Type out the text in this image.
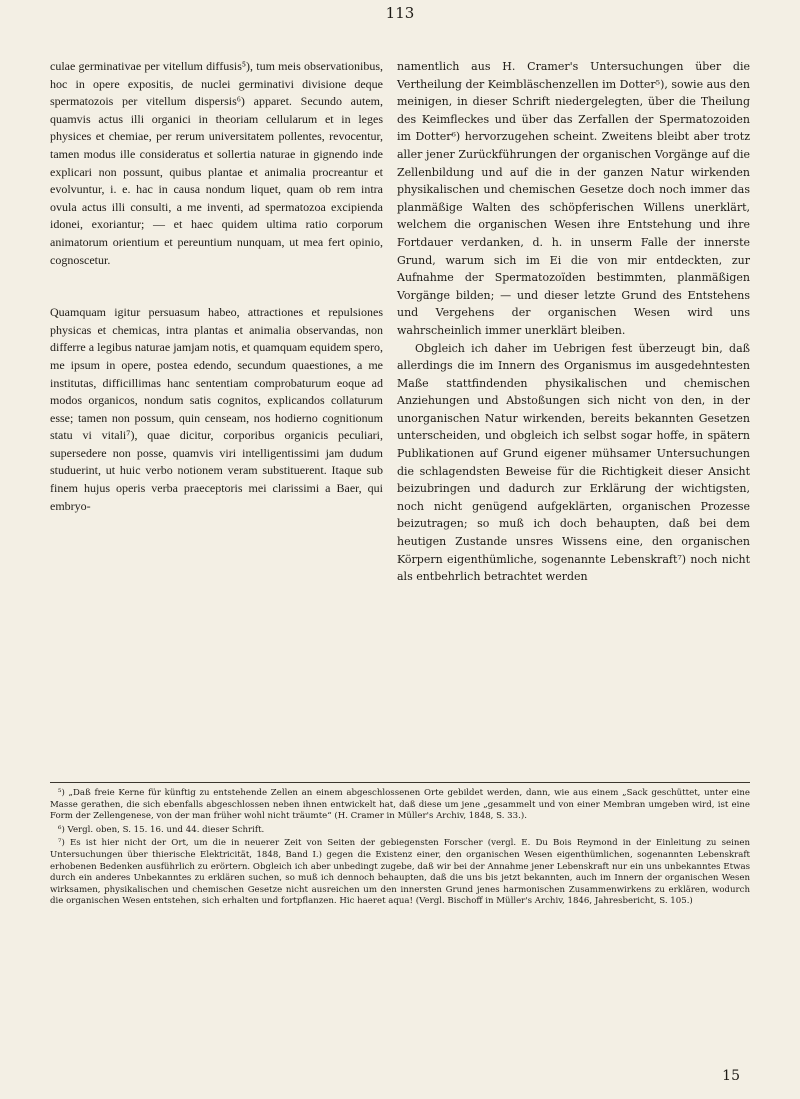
113

culae germinativae per vitellum diffusis⁵), tum meis observationibus, hoc in opere expositis, de nuclei germinativi divisione deque spermatozois per vitellum dispersis⁶) apparet. Secundo autem, quamvis actus illi organici in theoriam cellularum et in leges physices et chemiae, per rerum universitatem pollentes, revocentur, tamen modus ille consideratus et sollertia naturae in gignendo inde explicari non possunt, quibus plantae et animalia procreantur et evolvuntur, i. e. hac in causa nondum liquet, quam ob rem intra ovula actus illi consulti, a me inventi, ad spermatozoa excipienda idonei, exoriantur; — et haec quidem ultima ratio corporum animatorum orientium et pereuntium nunquam, ut mea fert opinio, cognoscetur.

Quamquam igitur persuasum habeo, attractiones et repulsiones physicas et chemicas, intra plantas et animalia observandas, non differre a legibus naturae jamjam notis, et quamquam equidem spero, me ipsum in opere, postea edendo, secundum quaestiones, a me institutas, difficillimas hanc sententiam comprobaturum eoque ad modos organicos, nondum satis cognitos, explicandos collaturum esse; tamen non possum, quin censeam, nos hodierno cognitionum statu vi vitali⁷), quae dicitur, corporibus organicis peculiari, supersedere non posse, quamvis viri intelligentissimi jam dudum studuerint, ut huic verbo notionem veram substituerent. Itaque sub finem hujus operis verba praeceptoris mei clarissimi a Baer, qui embryo-

namentlich aus H. Cramer's Untersuchungen über die Vertheilung der Keimbläschenzellen im Dotter⁵), sowie aus den meinigen, in dieser Schrift niedergelegten, über die Theilung des Keimfleckes und über das Zerfallen der Spermatozoiden im Dotter⁶) hervorzugehen scheint. Zweitens bleibt aber trotz aller jener Zurückführungen der organischen Vorgänge auf die Zellenbildung und auf die in der ganzen Natur wirkenden physikalischen und chemischen Gesetze doch noch immer das planmäßige Walten des schöpferischen Willens unerklärt, welchem die organischen Wesen ihre Entstehung und ihre Fortdauer verdanken, d. h. in unserm Falle der innerste Grund, warum sich im Ei die von mir entdeckten, zur Aufnahme der Spermatozoïden bestimmten, planmäßigen Vorgänge bilden; — und dieser letzte Grund des Entstehens und Vergehens der organischen Wesen wird uns wahrscheinlich immer unerklärt bleiben.

Obgleich ich daher im Uebrigen fest überzeugt bin, daß allerdings die im Innern des Organismus im ausgedehntesten Maße stattfindenden physikalischen und chemischen Anziehungen und Abstoßungen sich nicht von den, in der unorganischen Natur wirkenden, bereits bekannten Gesetzen unterscheiden, und obgleich ich selbst sogar hoffe, in spätern Publikationen auf Grund eigener mühsamer Untersuchungen die schlagendsten Beweise für die Richtigkeit dieser Ansicht beizubringen und dadurch zur Erklärung der wichtigsten, noch nicht genügend aufgeklärten, organischen Prozesse beizutragen; so muß ich doch behaupten, daß bei dem heutigen Zustande unsres Wissens eine, den organischen Körpern eigenthümliche, sogenannte Lebenskraft⁷) noch nicht als entbehrlich betrachtet werden

⁵) „Daß freie Kerne für künftig zu entstehende Zellen an einem abgeschlossenen Orte gebildet werden, dann, wie aus einem „Sack geschüttet, unter eine Masse gerathen, die sich ebenfalls abgeschlossen neben ihnen entwickelt hat, daß diese um jene „gesammelt und von einer Membran umgeben wird, ist eine Form der Zellengenese, von der man früher wohl nicht träumte“ (H. Cramer in Müller's Archiv, 1848, S. 33.).

⁶) Vergl. oben, S. 15. 16. und 44. dieser Schrift.

⁷) Es ist hier nicht der Ort, um die in neuerer Zeit von Seiten der gebiegensten Forscher (vergl. E. Du Bois Reymond in der Einleitung zu seinen Untersuchungen über thierische Elektricität, 1848, Band I.) gegen die Existenz einer, den organischen Wesen eigenthümlichen, sogenannten Lebenskraft erhobenen Bedenken ausführlich zu erörtern. Obgleich ich aber unbedingt zugebe, daß wir bei der Annahme jener Lebenskraft nur ein uns unbekanntes Etwas durch ein anderes Unbekanntes zu erklären suchen, so muß ich dennoch behaupten, daß die uns bis jetzt bekannten, auch im Innern der organischen Wesen wirksamen, physikalischen und chemischen Gesetze nicht ausreichen um den innersten Grund jenes harmonischen Zusammenwirkens zu erklären, wodurch die organischen Wesen entstehen, sich erhalten und fortpflanzen. Hic haeret aqua! (Vergl. Bischoff in Müller's Archiv, 1846, Jahresbericht, S. 105.)

15
